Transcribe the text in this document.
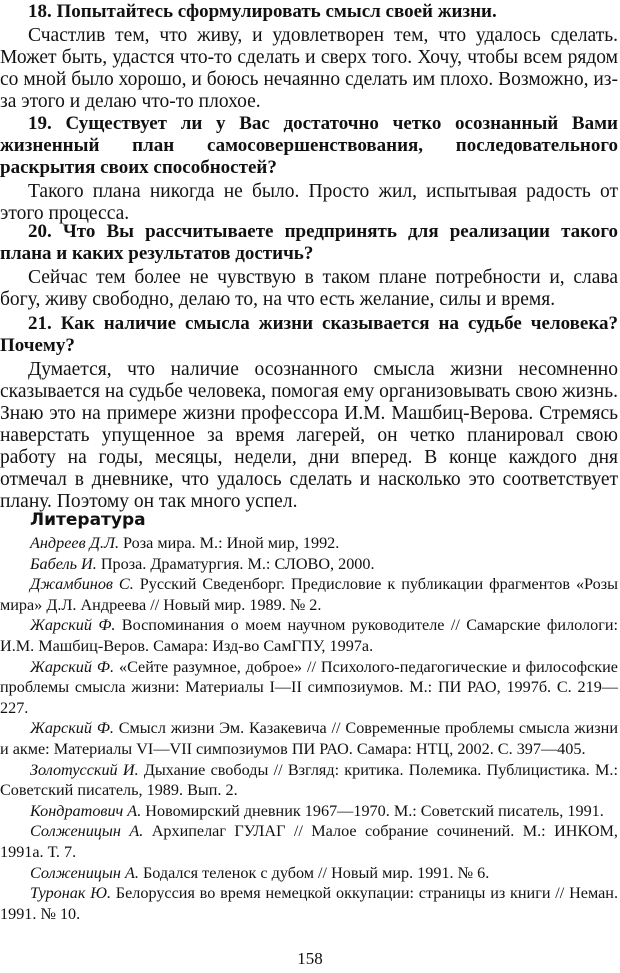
18. Попытайтесь сформулировать смысл своей жизни.

Счастлив тем, что живу, и удовлетворен тем, что удалось сделать. Может быть, удастся что-то сделать и сверх того. Хочу, чтобы всем рядом со мной было хорошо, и боюсь нечаянно сделать им плохо. Возможно, из-за этого и делаю что-то плохое.

19. Существует ли у Вас достаточно четко осознанный Вами жизненный план самосовершенствования, последовательного раскрытия своих способностей?

Такого плана никогда не было. Просто жил, испытывая радость от этого процесса.

20. Что Вы рассчитываете предпринять для реализации такого плана и каких результатов достичь?

Сейчас тем более не чувствую в таком плане потребности и, слава богу, живу свободно, делаю то, на что есть желание, силы и время.

21. Как наличие смысла жизни сказывается на судьбе человека? Почему?

Думается, что наличие осознанного смысла жизни несомненно сказывается на судьбе человека, помогая ему организовывать свою жизнь. Знаю это на примере жизни профессора И.М. Машбиц-Верова. Стремясь наверстать упущенное за время лагерей, он четко планировал свою работу на годы, месяцы, недели, дни вперед. В конце каждого дня отмечал в дневнике, что удалось сделать и насколько это соответствует плану. Поэтому он так много успел.

Литература

Андреев Д.Л. Роза мира. М.: Иной мир, 1992.

Бабель И. Проза. Драматургия. М.: СЛОВО, 2000.

Джамбинов С. Русский Сведенборг. Предисловие к публикации фрагментов «Розы мира» Д.Л. Андреева // Новый мир. 1989. № 2.

Жарский Ф. Воспоминания о моем научном руководителе // Самарские филологи: И.М. Машбиц-Веров. Самара: Изд-во СамГПУ, 1997а.

Жарский Ф. «Сейте разумное, доброе» // Психолого-педагогические и философские проблемы смысла жизни: Материалы I—II симпозиумов. М.: ПИ РАО, 1997б. С. 219—227.

Жарский Ф. Смысл жизни Эм. Казакевича // Современные проблемы смысла жизни и акме: Материалы VI—VII симпозиумов ПИ РАО. Самара: НТЦ, 2002. С. 397—405.

Золотусский И. Дыхание свободы // Взгляд: критика. Полемика. Публицистика. М.: Советский писатель, 1989. Вып. 2.

Кондратович А. Новомирский дневник 1967—1970. М.: Советский писатель, 1991.

Солженицын А. Архипелаг ГУЛАГ // Малое собрание сочинений. М.: ИНКОМ, 1991а. Т. 7.

Солженицын А. Бодался теленок с дубом // Новый мир. 1991. № 6.

Туронак Ю. Белоруссия во время немецкой оккупации: страницы из книги // Неман. 1991. № 10.

158
